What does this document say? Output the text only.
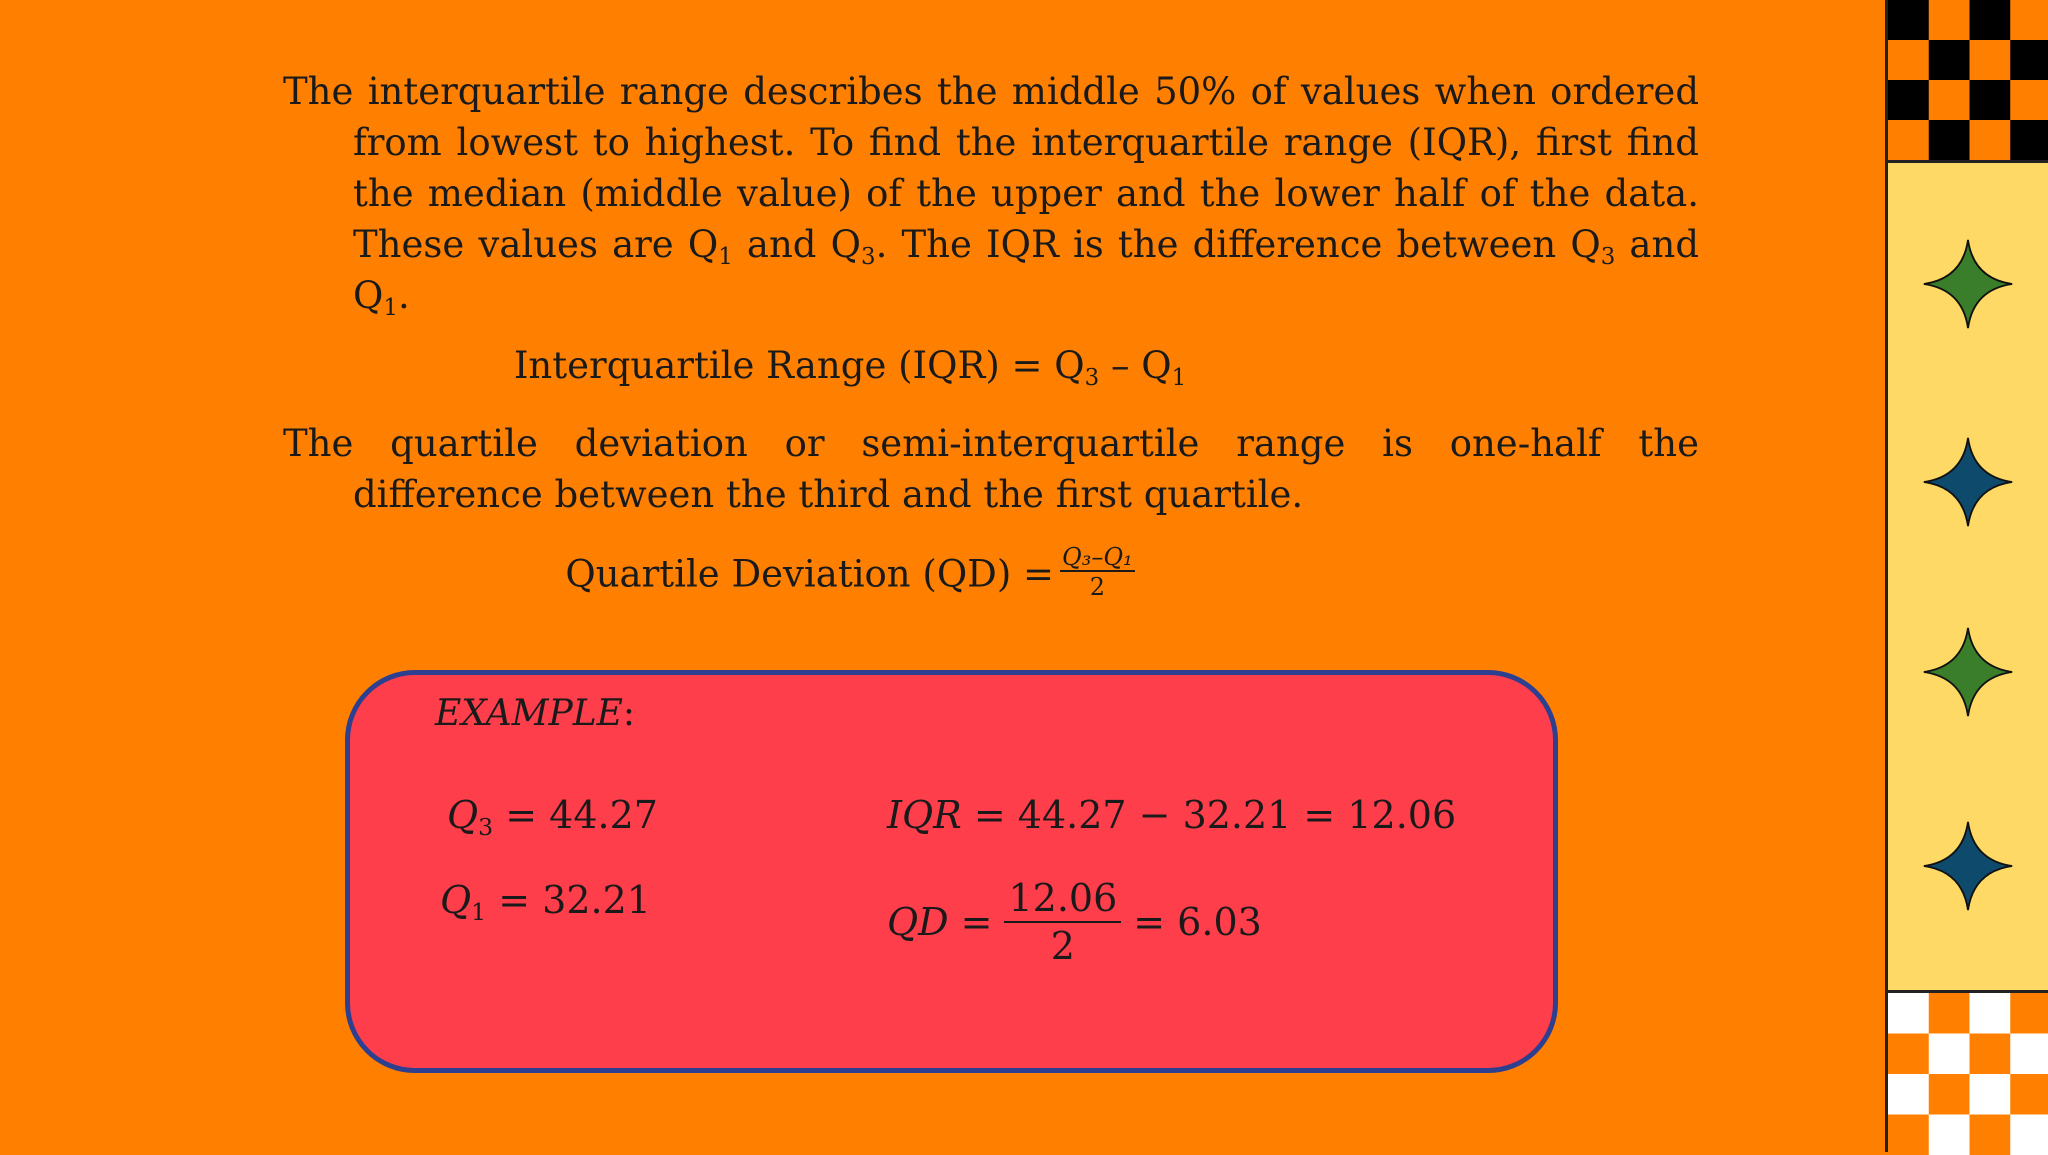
The interquartile range describes the middle 50% of values when ordered from lowest to highest. To find the interquartile range (IQR), first find the median (middle value) of the upper and the lower half of the data. These values are $Q_1$ and $Q_3$. The IQR is the difference between $Q_3$ and $Q_1$.

Interquartile Range $(IQR) = Q_3 - Q_1$

The quartile deviation or semi-interquartile range is one-half the difference between the third and the first quartile.

Quartile Deviation $(QD) = \frac{\text{Q₃–Q₁}}{2}$

EXAMPLE:
$Q_3 = 44.27$
$Q_1 = 32.21$
IQR = 44.27 − 32.21 = 12.06
QD = $\frac{12.06}{2} = 6.03$
